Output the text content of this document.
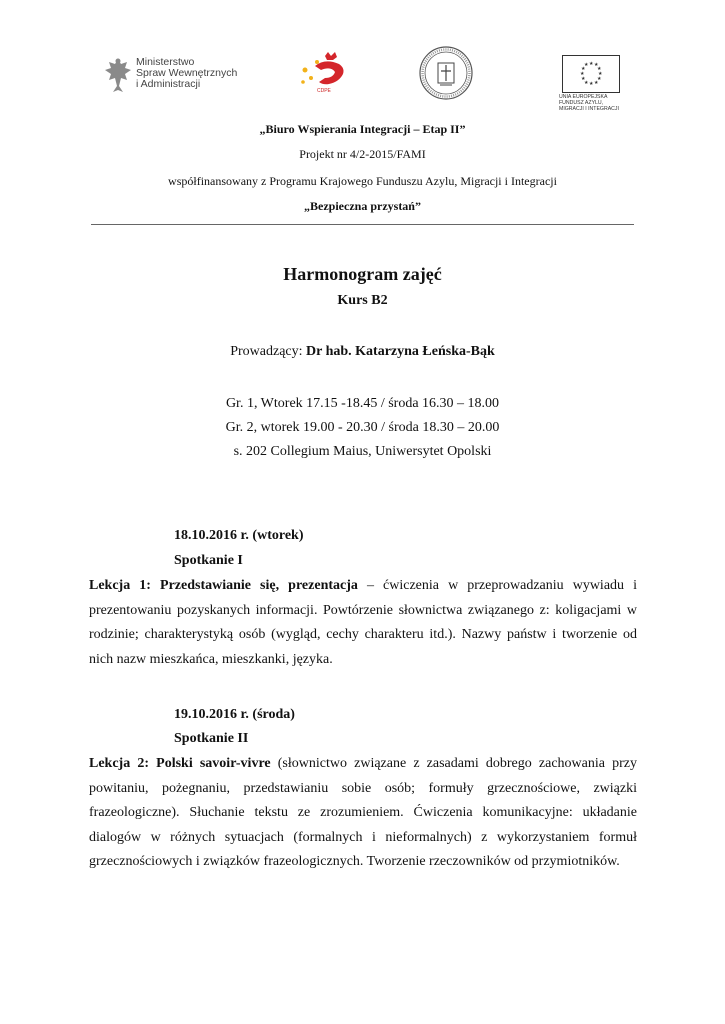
Ministerstwo
Spraw Wewnętrznych
i Administracji
CDPE
★ ★
★
★
★
★
★
★
★
★
★
★
UNIA EUROPEJSKA
FUNDUSZ AZYLU,
MIGRACJI I INTEGRACJI
„Biuro Wspierania Integracji – Etap II”
Projekt nr 4/2-2015/FAMI
współfinansowany z Programu Krajowego Funduszu Azylu, Migracji i Integracji
„Bezpieczna przystań”
Harmonogram zajęć
Kurs B2
Prowadzący: Dr hab. Katarzyna Łeńska-Bąk
Gr. 1, Wtorek 17.15 -18.45 / środa 16.30 – 18.00
Gr. 2, wtorek 19.00 - 20.30 / środa 18.30 – 20.00
s. 202 Collegium Maius, Uniwersytet Opolski
18.10.2016 r. (wtorek)
Spotkanie I
Lekcja 1: Przedstawianie się, prezentacja – ćwiczenia w przeprowadzaniu wywiadu i prezentowaniu pozyskanych informacji. Powtórzenie słownictwa związanego z: koligacjami w rodzinie; charakterystyką osób (wygląd, cechy charakteru itd.). Nazwy państw i tworzenie od nich nazw mieszkańca, mieszkanki, języka.
19.10.2016 r. (środa)
Spotkanie II
Lekcja 2: Polski savoir-vivre (słownictwo związane z zasadami dobrego zachowania przy powitaniu, pożegnaniu, przedstawianiu sobie osób; formuły grzecznościowe, związki frazeologiczne). Słuchanie tekstu ze zrozumieniem. Ćwiczenia komunikacyjne: układanie dialogów w różnych sytuacjach (formalnych i nieformalnych) z wykorzystaniem formuł grzecznościowych i związków frazeologicznych. Tworzenie rzeczowników od przymiotników.
